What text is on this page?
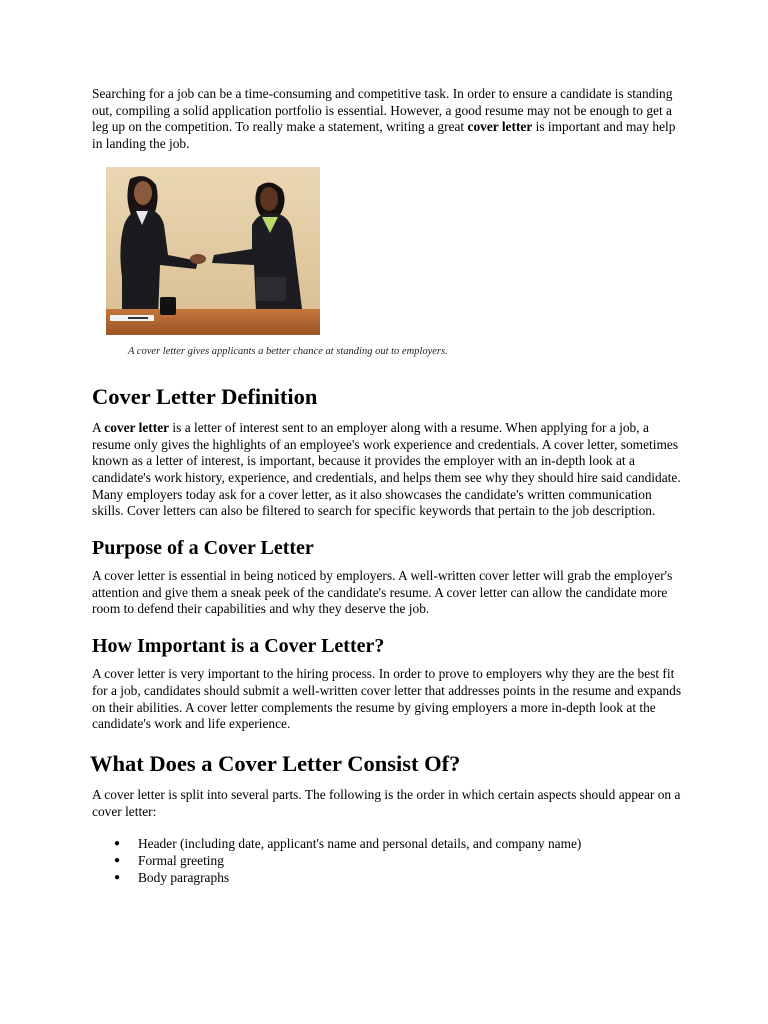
Searching for a job can be a time-consuming and competitive task. In order to ensure a candidate is standing out, compiling a solid application portfolio is essential. However, a good resume may not be enough to get a leg up on the competition. To really make a statement, writing a great cover letter is important and may help in landing the job.

A cover letter gives applicants a better chance at standing out to employers.

Cover Letter Definition

A cover letter is a letter of interest sent to an employer along with a resume. When applying for a job, a resume only gives the highlights of an employee's work experience and credentials. A cover letter, sometimes known as a letter of interest, is important, because it provides the employer with an in-depth look at a candidate's work history, experience, and credentials, and helps them see why they should hire said candidate. Many employers today ask for a cover letter, as it also showcases the candidate's written communication skills. Cover letters can also be filtered to search for specific keywords that pertain to the job description.

Purpose of a Cover Letter

A cover letter is essential in being noticed by employers. A well-written cover letter will grab the employer's attention and give them a sneak peek of the candidate's resume. A cover letter can allow the candidate more room to defend their capabilities and why they deserve the job.

How Important is a Cover Letter?

A cover letter is very important to the hiring process. In order to prove to employers why they are the best fit for a job, candidates should submit a well-written cover letter that addresses points in the resume and expands on their abilities. A cover letter complements the resume by giving employers a more in-depth look at the candidate's work and life experience.

What Does a Cover Letter Consist Of?

A cover letter is split into several parts. The following is the order in which certain aspects should appear on a cover letter:

● Header (including date, applicant's name and personal details, and company name)
● Formal greeting
● Body paragraphs
